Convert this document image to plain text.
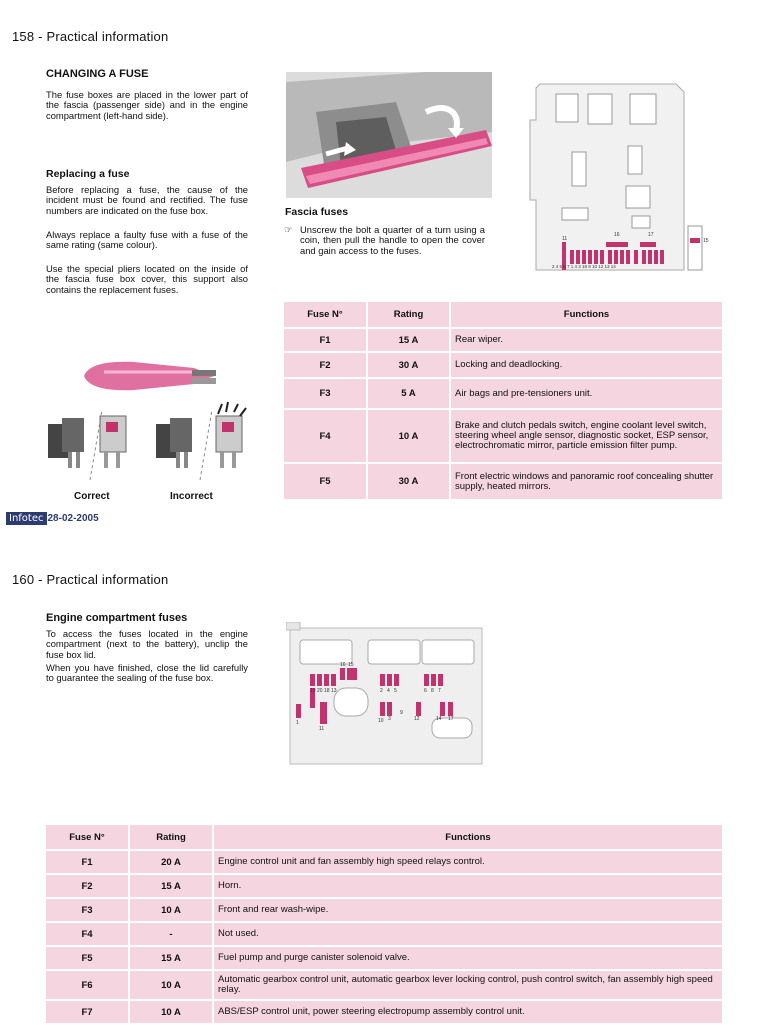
158 - Practical information
CHANGING A FUSE

The fuse boxes are placed in the lower part of the fascia (passenger side) and in the engine compartment (left-hand side).

Replacing a fuse

Before replacing a fuse, the cause of the incident must be found and rectified. The fuse numbers are indicated on the fuse box.

Always replace a faulty fuse with a fuse of the same rating (same colour).

Use the special pliers located on the inside of the fascia fuse box cover, this support also contains the replacement fuses.

Fascia fuses
☞ Unscrew the bolt a quarter of a turn using a coin, then pull the handle to open the cover and gain access to the fuses.

11
16	17
2 4 5 6 7 1 4 3 18 9 10 12 13 14
15
Correct	Incorrect
Infotec 28-02-2005
Fuse N°	Rating	Functions
F1	15 A	Rear wiper.
F2	30 A	Locking and deadlocking.
F3	5 A	Air bags and pre-tensioners unit.
F4	10 A	Brake and clutch pedals switch, engine coolant level switch, steering wheel angle sensor, diagnostic socket, ESP sensor, electrochromatic mirror, particle emission filter pump.
F5	30 A	Front electric windows and panoramic roof concealing shutter supply, heated mirrors.
160 - Practical information
Engine compartment fuses

To access the fuses located in the engine compartment (next to the battery), unclip the fuse box lid.

When you have finished, close the lid carefully to guarantee the sealing of the fuse box.

16 15
19 20 18 13	2 4 5	6 8 7
1
11
10 3	12
9
14 17
Fuse N°	Rating	Functions
F1	20 A	Engine control unit and fan assembly high speed relays control.
F2	15 A	Horn.
F3	10 A	Front and rear wash-wipe.
F4	-	Not used.
F5	15 A	Fuel pump and purge canister solenoid valve.
F6	10 A	Automatic gearbox control unit, automatic gearbox lever locking control, push control switch, fan assembly high speed relay.
F7	10 A	ABS/ESP control unit, power steering electropump assembly control unit.
